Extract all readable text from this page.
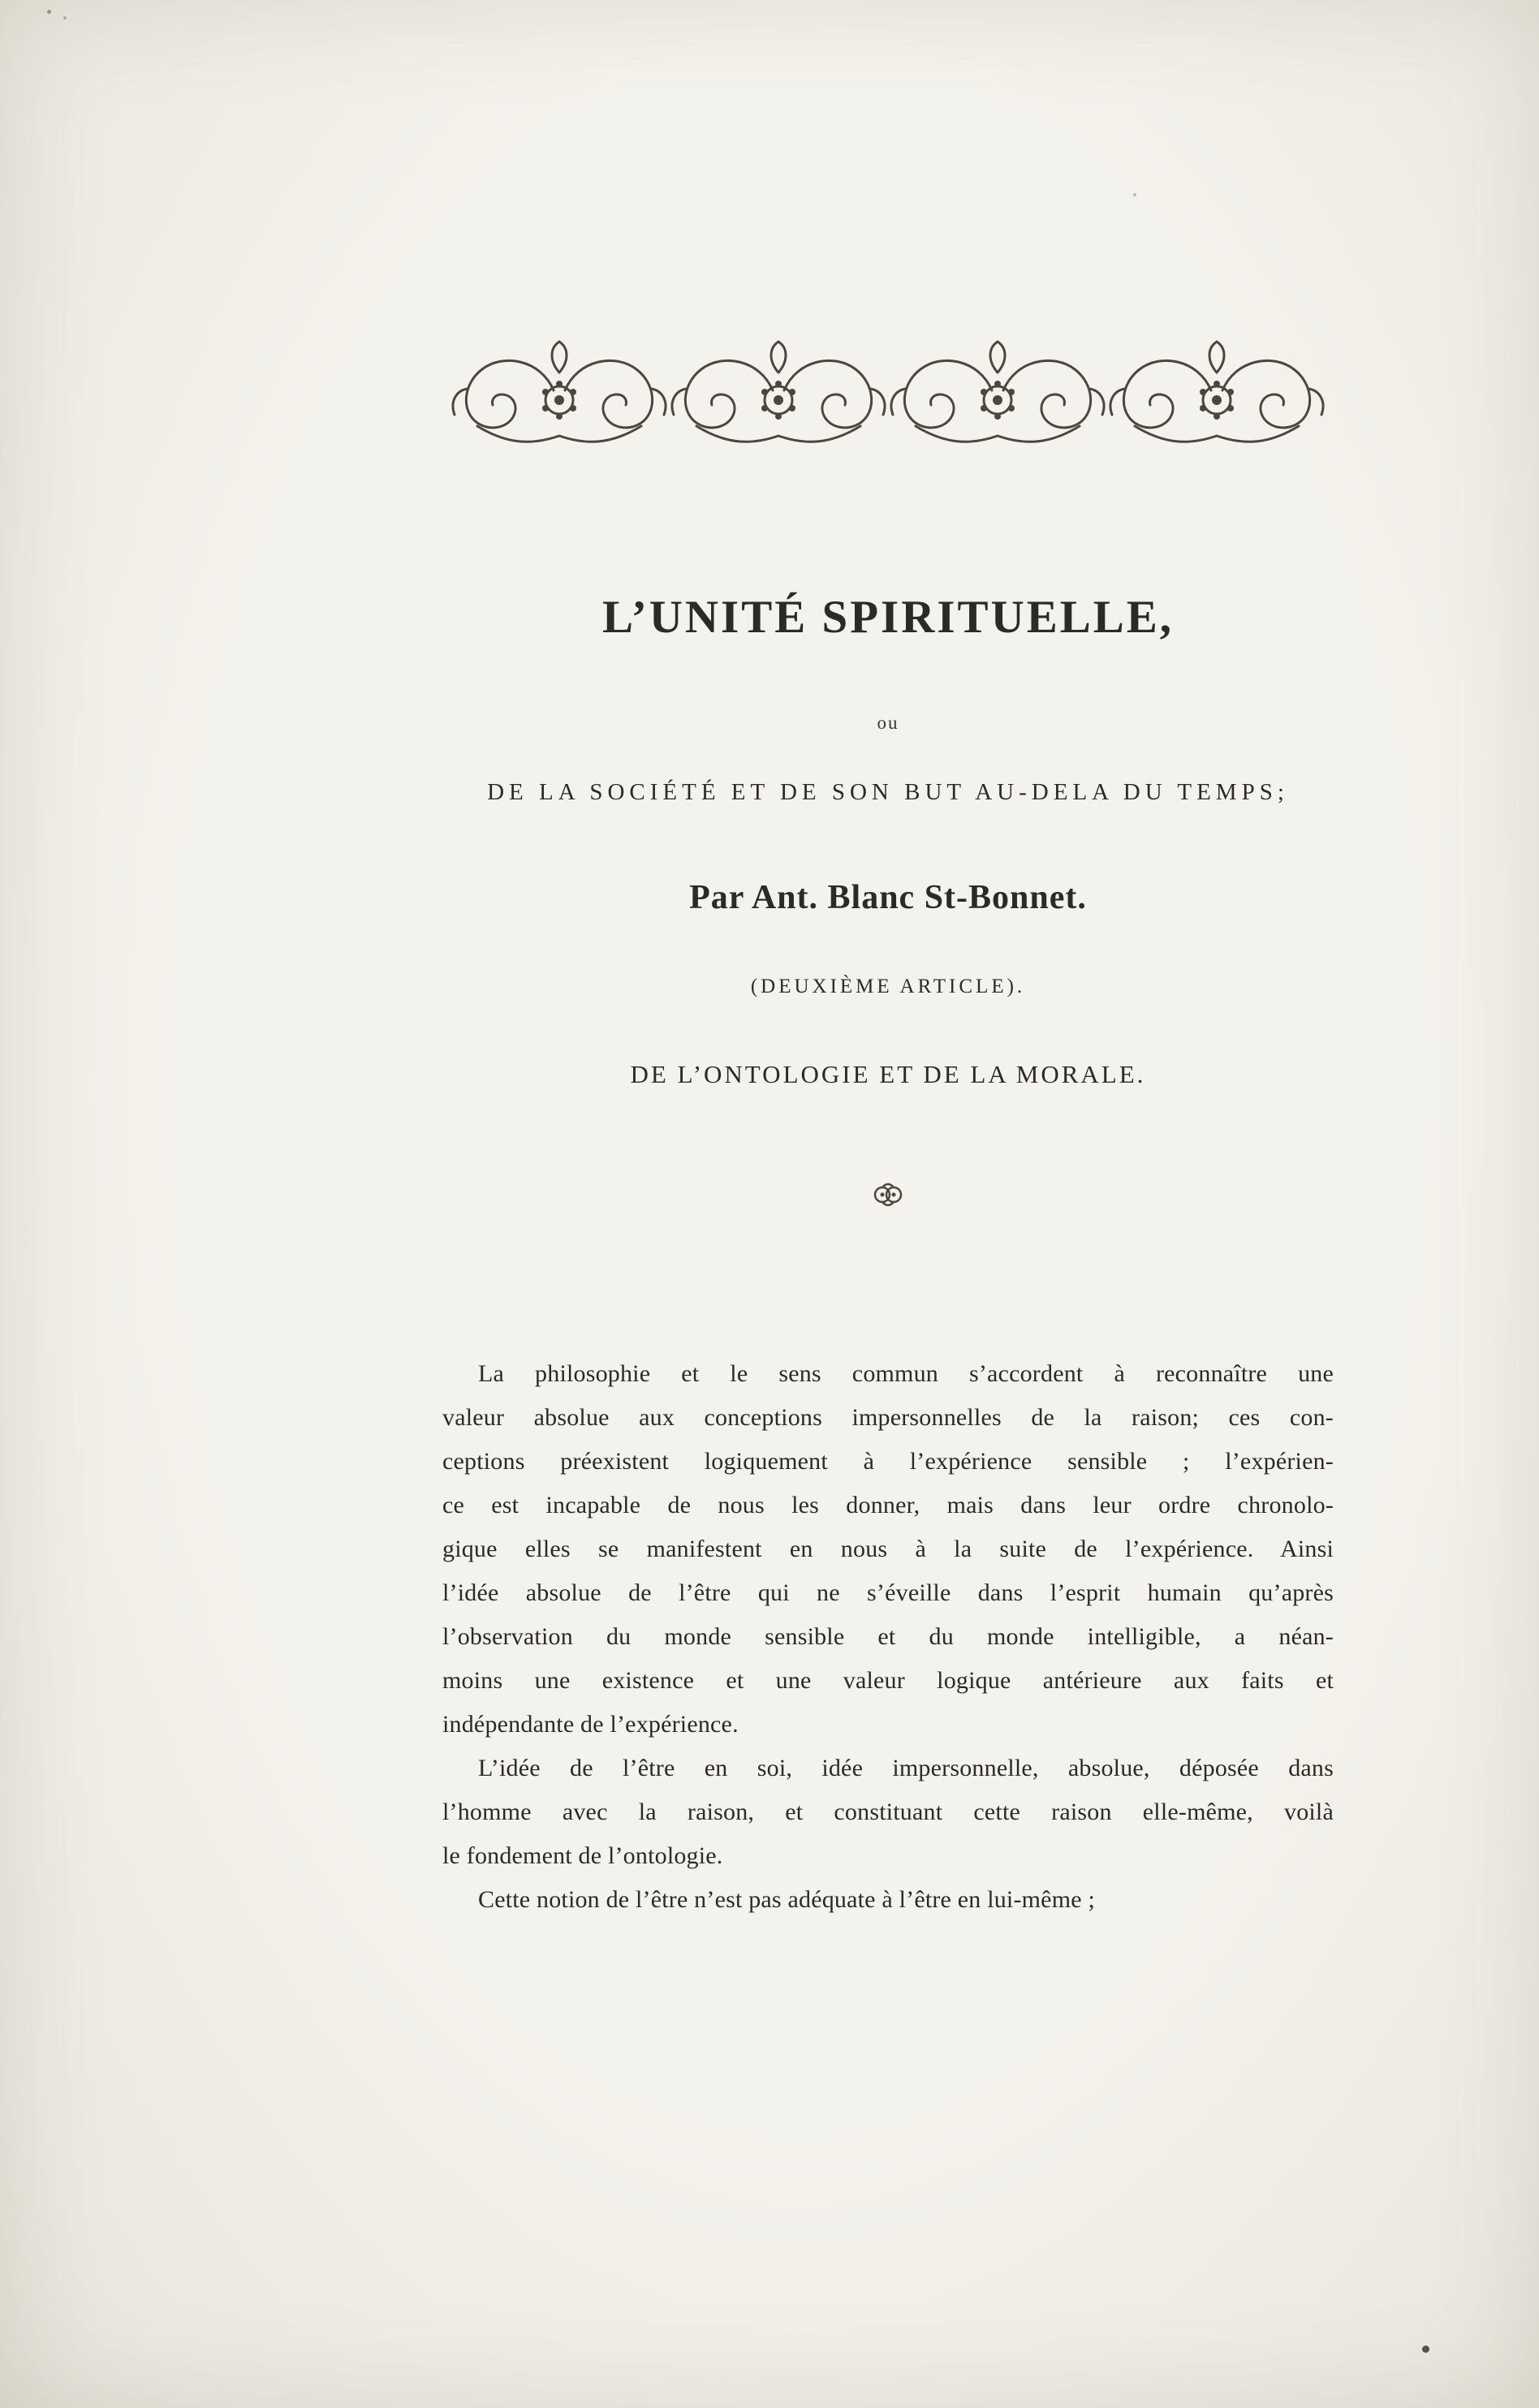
L’UNITÉ SPIRITUELLE,
ou
DE LA SOCIÉTÉ ET DE SON BUT AU-DELA DU TEMPS;
Par Ant. Blanc St-Bonnet.
(DEUXIÈME ARTICLE).
DE L’ONTOLOGIE ET DE LA MORALE.
La philosophie et le sens commun s’accordent à reconnaître une
valeur absolue aux conceptions impersonnelles de la raison; ces con-
ceptions préexistent logiquement à l’expérience sensible ; l’expérien-
ce est incapable de nous les donner, mais dans leur ordre chronolo-
gique elles se manifestent en nous à la suite de l’expérience. Ainsi
l’idée absolue de l’être qui ne s’éveille dans l’esprit humain qu’après
l’observation du monde sensible et du monde intelligible, a néan-
moins une existence et une valeur logique antérieure aux faits et
indépendante de l’expérience.
L’idée de l’être en soi, idée impersonnelle, absolue, déposée dans
l’homme avec la raison, et constituant cette raison elle-même, voilà
le fondement de l’ontologie.
Cette notion de l’être n’est pas adéquate à l’être en lui-même ;
